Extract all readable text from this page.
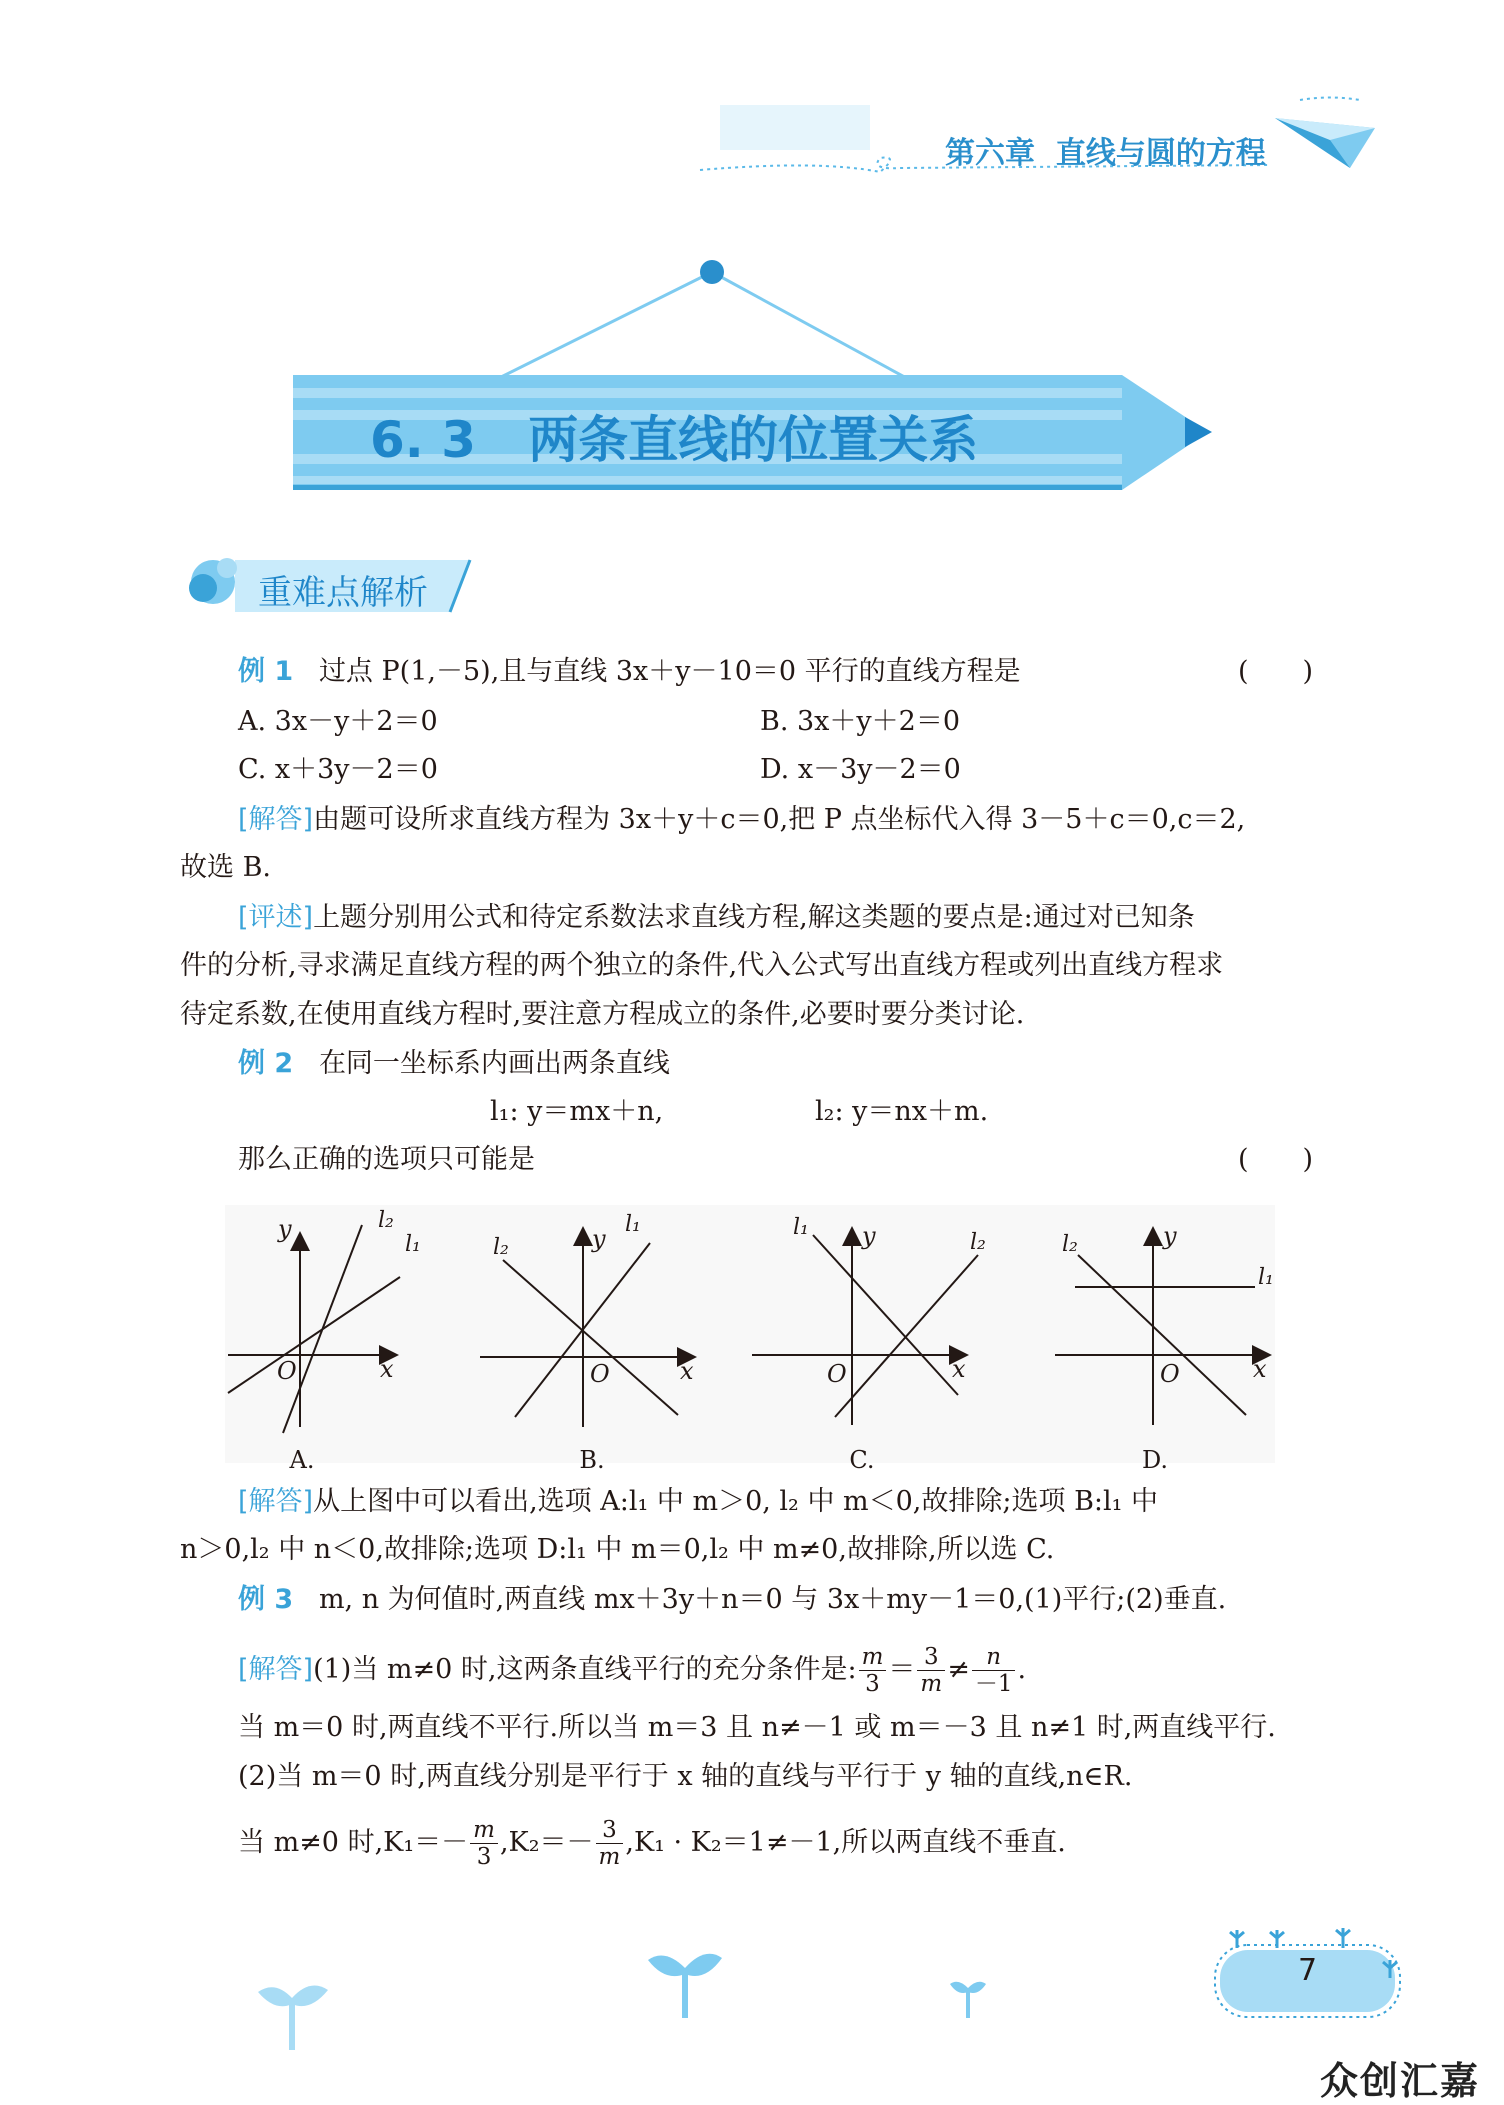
第六章 直线与圆的方程
6. 3 两条直线的位置关系
重难点解析
例 1 过点 P(1,－5),且与直线 3x＋y－10＝0 平行的直线方程是	(　　)
A. 3x－y＋2＝0	B. 3x＋y＋2＝0
C. x＋3y－2＝0	D. x－3y－2＝0
[解答]由题可设所求直线方程为 3x＋y＋c＝0,把 P 点坐标代入得 3－5＋c＝0,c＝2,
故选 B.
[评述]上题分别用公式和待定系数法求直线方程,解这类题的要点是:通过对已知条
件的分析,寻求满足直线方程的两个独立的条件,代入公式写出直线方程或列出直线方程求
待定系数,在使用直线方程时,要注意方程成立的条件,必要时要分类讨论.
例 2 在同一坐标系内画出两条直线
l₁: y＝mx＋n,	l₂: y＝nx＋m.
那么正确的选项只可能是	(　　)
y
x
O
l₁
l₂
A.
y
x
O
l₁
l₂
B.
y
x
O
l₁
l₂
C.
y
x
O
l₁
l₂
D.
[解答]从上图中可以看出,选项 A:l₁ 中 m＞0, l₂ 中 m＜0,故排除;选项 B:l₁ 中
n＞0,l₂ 中 n＜0,故排除;选项 D:l₁ 中 m＝0,l₂ 中 m≠0,故排除,所以选 C.
例 3 m, n 为何值时,两直线 mx＋3y＋n＝0 与 3x＋my－1＝0,(1)平行;(2)垂直.
[解答](1)当 m≠0 时,这两条直线平行的充分条件是: $\frac{m}{3} = \frac{3}{m} \ne \frac{n}{-1}$ .
当 m＝0 时,两直线不平行.所以当 m＝3 且 n≠－1 或 m＝－3 且 n≠1 时,两直线平行.
(2)当 m＝0 时,两直线分别是平行于 x 轴的直线与平行于 y 轴的直线,n∈R.
当 m≠0 时$,K_1=- \frac{m}{3} ,K_2=- \frac{3}{m} ,K_1 \cdot K_2=1\ne-1$,所以两直线不垂直.
7
众创汇嘉
